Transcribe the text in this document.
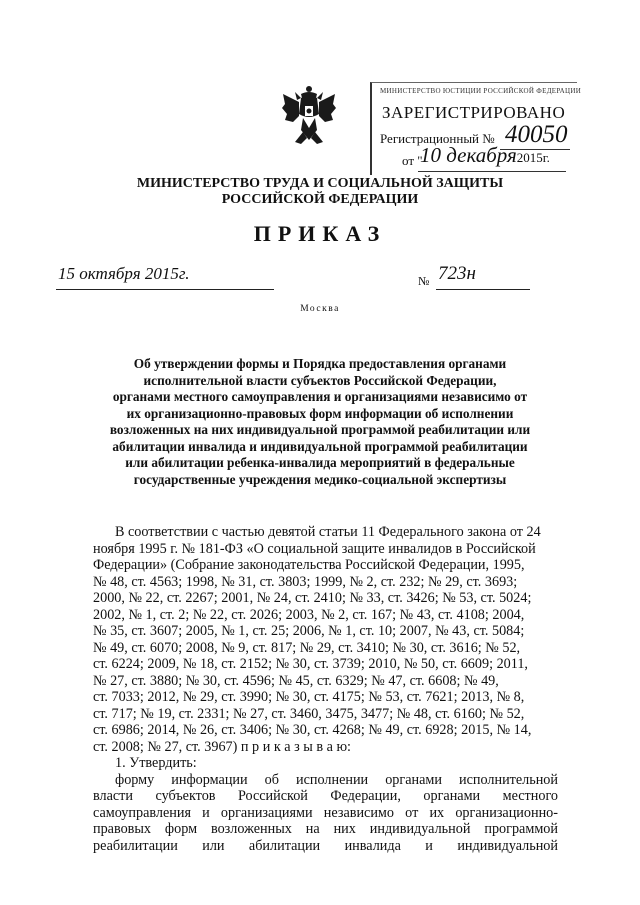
МИНИСТЕРСТВО ЮСТИЦИИ РОССИЙСКОЙ ФЕДЕРАЦИИ
ЗАРЕГИСТРИРОВАНО
Регистрационный № 40050
от "
10 декабря2015г.
МИНИСТЕРСТВО ТРУДА И СОЦИАЛЬНОЙ ЗАЩИТЫ
РОССИЙСКОЙ ФЕДЕРАЦИИ
ПРИКАЗ
15 октября 2015г.	№ 723н
Москва
Об утверждении формы и Порядка предоставления органами
исполнительной власти субъектов Российской Федерации,
органами местного самоуправления и организациями независимо от
их организационно-правовых форм информации об исполнении
возложенных на них индивидуальной программой реабилитации или
абилитации инвалида и индивидуальной программой реабилитации
или абилитации ребенка-инвалида мероприятий в федеральные
государственные учреждения медико-социальной экспертизы
В соответствии с частью девятой статьи 11 Федерального закона от 24
ноября 1995 г. № 181-ФЗ «О социальной защите инвалидов в Российской
Федерации» (Собрание законодательства Российской Федерации, 1995,
№ 48, ст. 4563; 1998, № 31, ст. 3803; 1999, № 2, ст. 232; № 29, ст. 3693;
2000, № 22, ст. 2267; 2001, № 24, ст. 2410; № 33, ст. 3426; № 53, ст. 5024;
2002, № 1, ст. 2; № 22, ст. 2026; 2003, № 2, ст. 167; № 43, ст. 4108; 2004,
№ 35, ст. 3607; 2005, № 1, ст. 25; 2006, № 1, ст. 10; 2007, № 43, ст. 5084;
№ 49, ст. 6070; 2008, № 9, ст. 817; № 29, ст. 3410; № 30, ст. 3616; № 52,
ст. 6224; 2009, № 18, ст. 2152; № 30, ст. 3739; 2010, № 50, ст. 6609; 2011,
№ 27, ст. 3880; № 30, ст. 4596; № 45, ст. 6329; № 47, ст. 6608; № 49,
ст. 7033; 2012, № 29, ст. 3990; № 30, ст. 4175; № 53, ст. 7621; 2013, № 8,
ст. 717; № 19, ст. 2331; № 27, ст. 3460, 3475, 3477; № 48, ст. 6160; № 52,
ст. 6986; 2014, № 26, ст. 3406; № 30, ст. 4268; № 49, ст. 6928; 2015, № 14,
ст. 2008; № 27, ст. 3967) п р и к а з ы в а ю:
1. Утвердить:
форму информации об исполнении органами исполнительной
власти субъектов Российской Федерации, органами местного
самоуправления и организациями независимо от их организационно-
правовых форм возложенных на них индивидуальной программой
реабилитации или абилитации инвалида и индивидуальной
